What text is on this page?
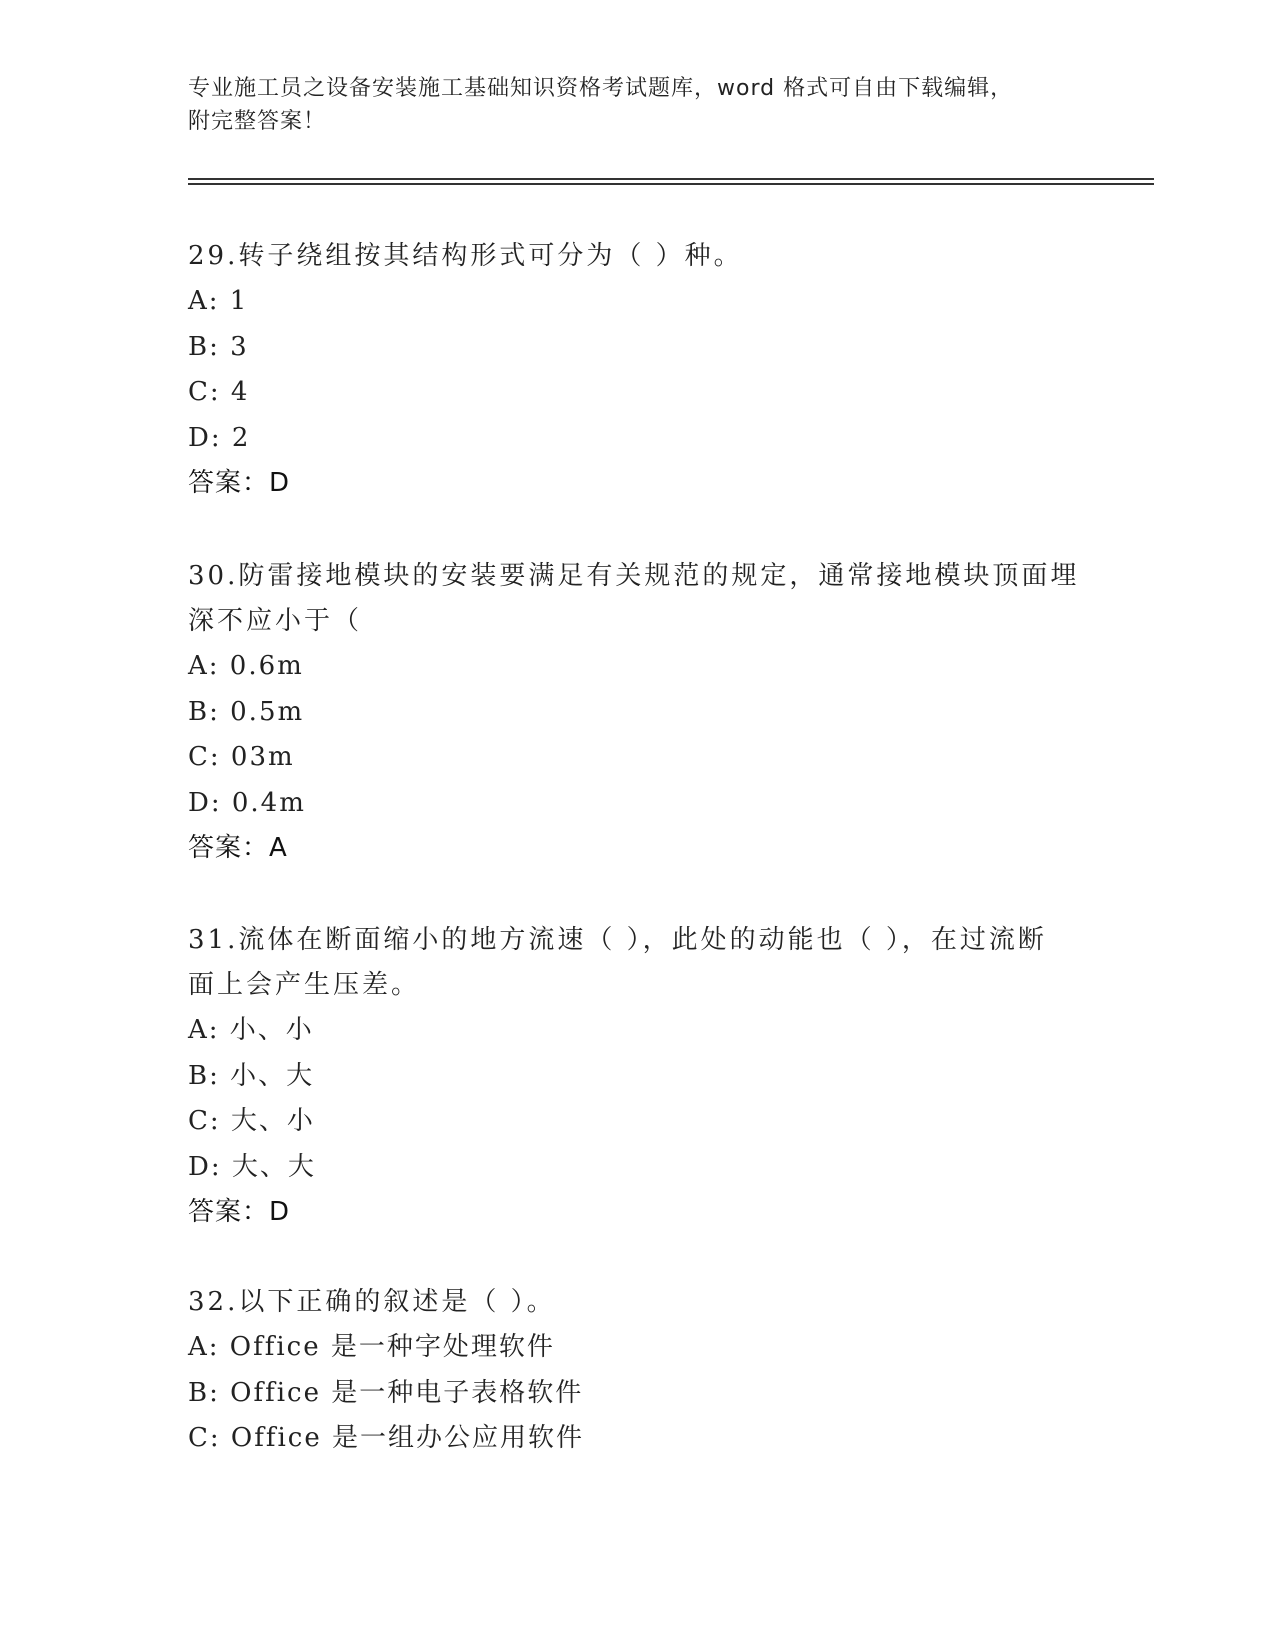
专业施工员之设备安装施工基础知识资格考试题库，word 格式可自由下载编辑，
附完整答案！
29.转子绕组按其结构形式可分为（ ）种。
A: 1
B: 3
C: 4
D: 2
答案：D
30.防雷接地模块的安装要满足有关规范的规定，通常接地模块顶面埋
深不应小于（
A: 0.6m
B: 0.5m
C: 03m
D: 0.4m
答案：A
31.流体在断面缩小的地方流速（ ），此处的动能也（ ），在过流断
面上会产生压差。
A: 小、小
B: 小、大
C: 大、小
D: 大、大
答案：D
32.以下正确的叙述是（ ）。
A: Office 是一种字处理软件
B: Office 是一种电子表格软件
C: Office 是一组办公应用软件
